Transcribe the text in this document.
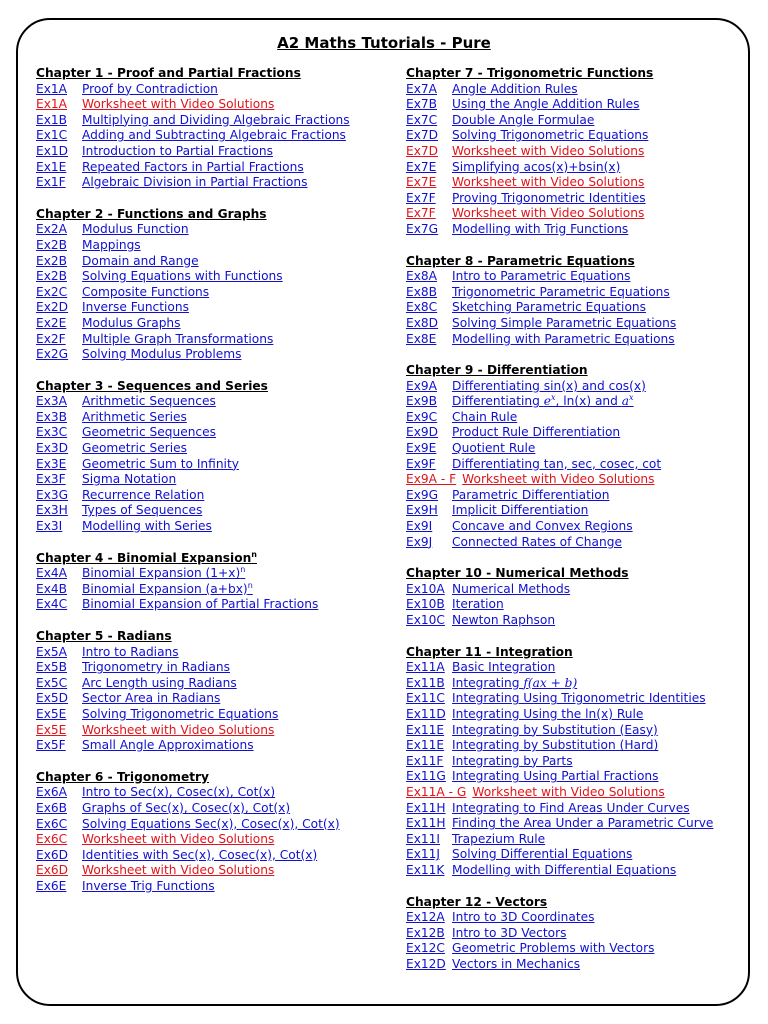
A2 Maths Tutorials - Pure
Chapter 1 - Proof and Partial Fractions
Ex1A	Proof by Contradiction
Ex1A	Worksheet with Video Solutions
Ex1B	Multiplying and Dividing Algebraic Fractions
Ex1C	Adding and Subtracting Algebraic Fractions
Ex1D	Introduction to Partial Fractions
Ex1E	Repeated Factors in Partial Fractions
Ex1F	Algebraic Division in Partial Fractions
Chapter 2 - Functions and Graphs
Ex2A	Modulus Function
Ex2B	Mappings
Ex2B	Domain and Range
Ex2B	Solving Equations with Functions
Ex2C	Composite Functions
Ex2D	Inverse Functions
Ex2E	Modulus Graphs
Ex2F	Multiple Graph Transformations
Ex2G	Solving Modulus Problems
Chapter 3 - Sequences and Series
Ex3A	Arithmetic Sequences
Ex3B	Arithmetic Series
Ex3C	Geometric Sequences
Ex3D	Geometric Series
Ex3E	Geometric Sum to Infinity
Ex3F	Sigma Notation
Ex3G	Recurrence Relation
Ex3H	Types of Sequences
Ex3I	Modelling with Series
Chapter 4 - Binomial Expansion$^n$
Ex4A	Binomial Expansion $(1+x)^n$
Ex4B	Binomial Expansion $(a+bx)^n$
Ex4C	Binomial Expansion of Partial Fractions
Chapter 5 - Radians
Ex5A	Intro to Radians
Ex5B	Trigonometry in Radians
Ex5C	Arc Length using Radians
Ex5D	Sector Area in Radians
Ex5E	Solving Trigonometric Equations
Ex5E	Worksheet with Video Solutions
Ex5F	Small Angle Approximations
Chapter 6 - Trigonometry
Ex6A	Intro to Sec(x), Cosec(x), Cot(x)
Ex6B	Graphs of Sec(x), Cosec(x), Cot(x)
Ex6C	Solving Equations Sec(x), Cosec(x), Cot(x)
Ex6C	Worksheet with Video Solutions
Ex6D	Identities with Sec(x), Cosec(x), Cot(x)
Ex6D	Worksheet with Video Solutions
Ex6E	Inverse Trig Functions
Chapter 7 - Trigonometric Functions
Ex7A	Angle Addition Rules
Ex7B	Using the Angle Addition Rules
Ex7C	Double Angle Formulae
Ex7D	Solving Trigonometric Equations
Ex7D	Worksheet with Video Solutions
Ex7E	Simplifying acos(x)+bsin(x)
Ex7E	Worksheet with Video Solutions
Ex7F	Proving Trigonometric Identities
Ex7F	Worksheet with Video Solutions
Ex7G	Modelling with Trig Functions
Chapter 8 - Parametric Equations
Ex8A	Intro to Parametric Equations
Ex8B	Trigonometric Parametric Equations
Ex8C	Sketching Parametric Equations
Ex8D	Solving Simple Parametric Equations
Ex8E	Modelling with Parametric Equations
Chapter 9 - Differentiation
Ex9A	Differentiating sin(x) and cos(x)
Ex9B	Differentiating $e^x$, ln(x) and $a^x$
Ex9C	Chain Rule
Ex9D	Product Rule Differentiation
Ex9E	Quotient Rule
Ex9F	Differentiating tan, sec, cosec, cot
Ex9A - F Worksheet with Video Solutions
Ex9G	Parametric Differentiation
Ex9H	Implicit Differentiation
Ex9I	Concave and Convex Regions
Ex9J	Connected Rates of Change
Chapter 10 - Numerical Methods
Ex10A Numerical Methods
Ex10B Iteration
Ex10C Newton Raphson
Chapter 11 - Integration
Ex11A Basic Integration
Ex11B Integrating f(ax + b)
Ex11C Integrating Using Trigonometric Identities
Ex11D Integrating Using the ln(x) Rule
Ex11E Integrating by Substitution (Easy)
Ex11E Integrating by Substitution (Hard)
Ex11F Integrating by Parts
Ex11G Integrating Using Partial Fractions
Ex11A - G Worksheet with Video Solutions
Ex11H Integrating to Find Areas Under Curves
Ex11H Finding the Area Under a Parametric Curve
Ex11I Trapezium Rule
Ex11J Solving Differential Equations
Ex11K Modelling with Differential Equations
Chapter 12 - Vectors
Ex12A Intro to 3D Coordinates
Ex12B Intro to 3D Vectors
Ex12C Geometric Problems with Vectors
Ex12D Vectors in Mechanics
